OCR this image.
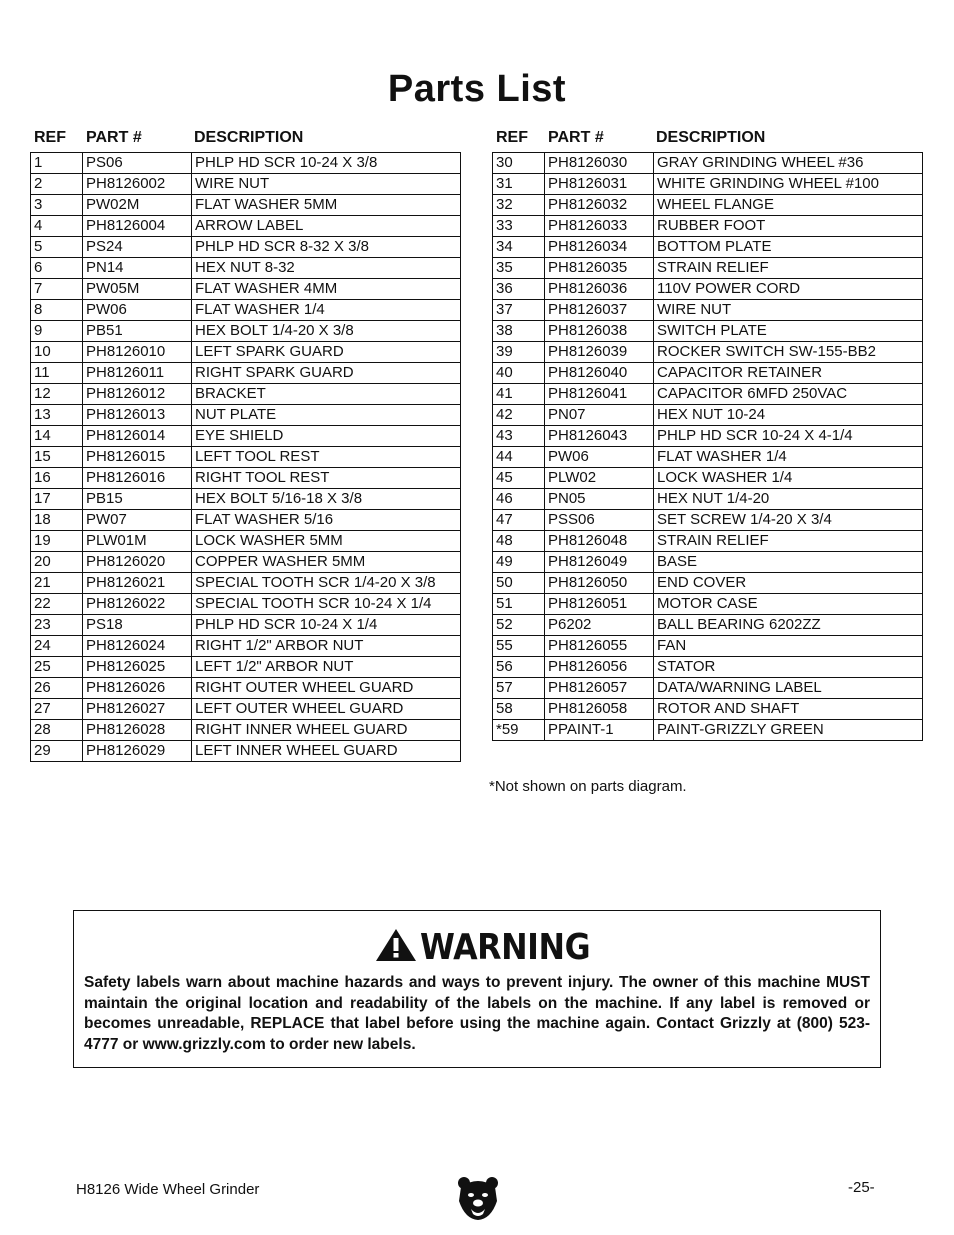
Parts List
REF PART #	DESCRIPTION
1	PS06	PHLP HD SCR 10-24 X 3/8
2	PH8126002	WIRE NUT
3	PW02M	FLAT WASHER 5MM
4	PH8126004	ARROW LABEL
5	PS24	PHLP HD SCR 8-32 X 3/8
6	PN14	HEX NUT 8-32
7	PW05M	FLAT WASHER 4MM
8	PW06	FLAT WASHER 1/4
9	PB51	HEX BOLT 1/4-20 X 3/8
10	PH8126010	LEFT SPARK GUARD
11	PH8126011	RIGHT SPARK GUARD
12	PH8126012	BRACKET
13	PH8126013	NUT PLATE
14	PH8126014	EYE SHIELD
15	PH8126015	LEFT TOOL REST
16	PH8126016	RIGHT TOOL REST
17	PB15	HEX BOLT 5/16-18 X 3/8
18	PW07	FLAT WASHER 5/16
19	PLW01M	LOCK WASHER 5MM
20	PH8126020	COPPER WASHER 5MM
21	PH8126021	SPECIAL TOOTH SCR 1/4-20 X 3/8
22	PH8126022	SPECIAL TOOTH SCR 10-24 X 1/4
23	PS18	PHLP HD SCR 10-24 X 1/4
24	PH8126024	RIGHT 1/2" ARBOR NUT
25	PH8126025	LEFT 1/2" ARBOR NUT
26	PH8126026	RIGHT OUTER WHEEL GUARD
27	PH8126027	LEFT OUTER WHEEL GUARD
28	PH8126028	RIGHT INNER WHEEL GUARD
29	PH8126029	LEFT INNER WHEEL GUARD
REF PART #	DESCRIPTION
30	PH8126030	GRAY GRINDING WHEEL #36
31	PH8126031	WHITE GRINDING WHEEL #100
32	PH8126032	WHEEL FLANGE
33	PH8126033	RUBBER FOOT
34	PH8126034	BOTTOM PLATE
35	PH8126035	STRAIN RELIEF
36	PH8126036	110V POWER CORD
37	PH8126037	WIRE NUT
38	PH8126038	SWITCH PLATE
39	PH8126039	ROCKER SWITCH SW-155-BB2
40	PH8126040	CAPACITOR RETAINER
41	PH8126041	CAPACITOR 6MFD 250VAC
42	PN07	HEX NUT 10-24
43	PH8126043	PHLP HD SCR 10-24 X 4-1/4
44	PW06	FLAT WASHER 1/4
45	PLW02	LOCK WASHER 1/4
46	PN05	HEX NUT 1/4-20
47	PSS06	SET SCREW 1/4-20 X 3/4
48	PH8126048	STRAIN RELIEF
49	PH8126049	BASE
50	PH8126050	END COVER
51	PH8126051	MOTOR CASE
52	P6202	BALL BEARING 6202ZZ
55	PH8126055	FAN
56	PH8126056	STATOR
57	PH8126057	DATA/WARNING LABEL
58	PH8126058	ROTOR AND SHAFT
*59	PPAINT-1	PAINT-GRIZZLY GREEN
*Not shown on parts diagram.
WARNING
Safety labels warn about machine hazards and ways to prevent injury. The owner of this machine MUST maintain the original location and readability of the labels on the machine. If any label is removed or becomes unreadable, REPLACE that label before using the machine again. Contact Grizzly at (800) 523-4777 or www.grizzly.com to order new labels.
H8126 Wide Wheel Grinder	-25-
